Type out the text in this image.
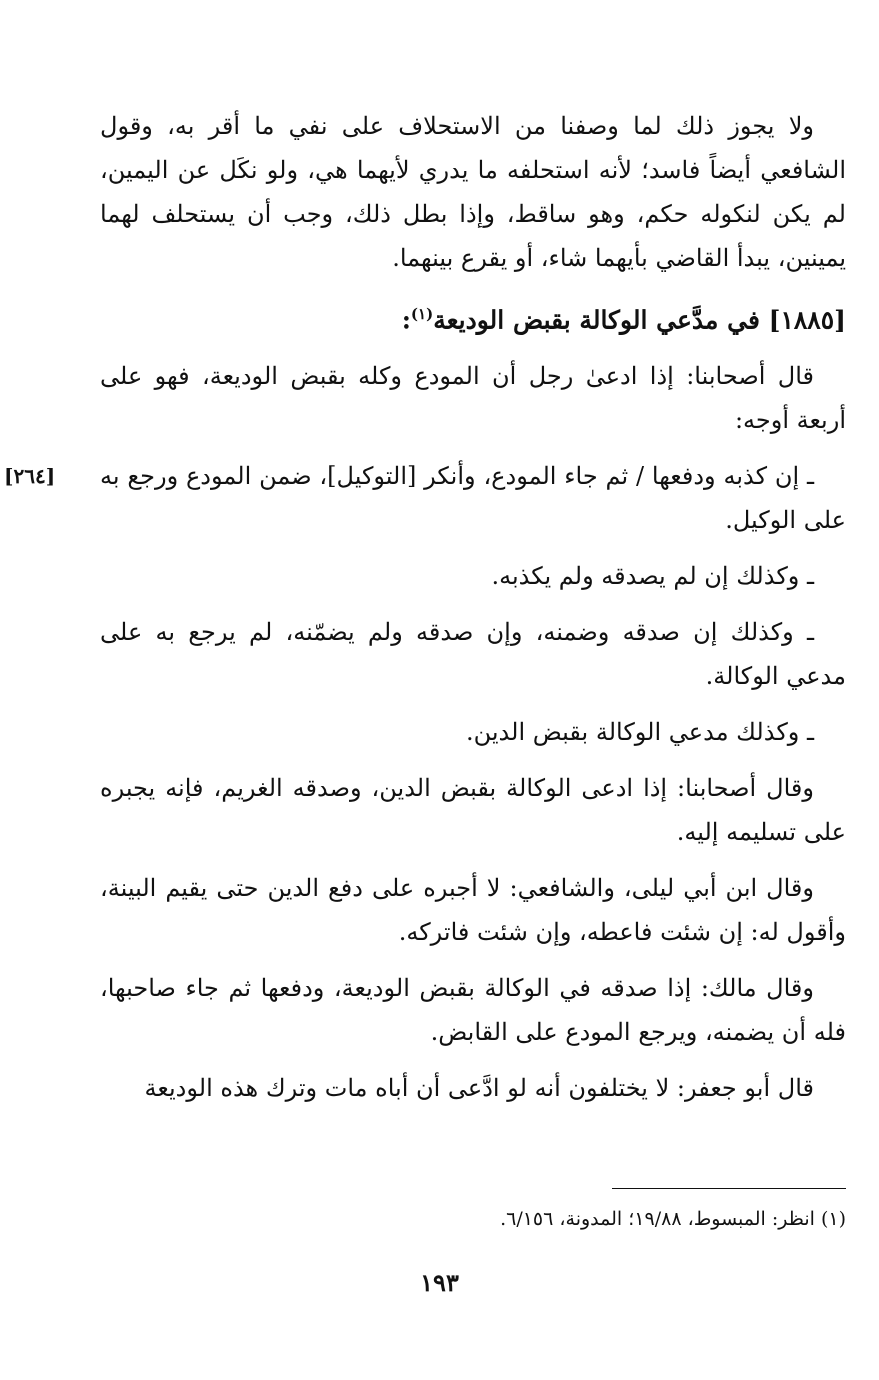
ولا يجوز ذلك لما وصفنا من الاستحلاف على نفي ما أقر به، وقول الشافعي أيضاً فاسد؛ لأنه استحلفه ما يدري لأيهما هي، ولو نكَل عن اليمين، لم يكن لنكوله حكم، وهو ساقط، وإذا بطل ذلك، وجب أن يستحلف لهما يمينين، يبدأ القاضي بأيهما شاء، أو يقرع بينهما.

[١٨٨٥] في مدَّعي الوكالة بقبض الوديعة$^{(١)}$:

قال أصحابنا: إذا ادعىٰ رجل أن المودع وكله بقبض الوديعة، فهو على أربعة أوجه:

ـ إن كذبه ودفعها / ثم جاء المودع، وأنكر [التوكيل]، ضمن المودع ورجع به على الوكيل.
[٢٦٤]

ـ وكذلك إن لم يصدقه ولم يكذبه.

ـ وكذلك إن صدقه وضمنه، وإن صدقه ولم يضمّنه، لم يرجع به على مدعي الوكالة.

ـ وكذلك مدعي الوكالة بقبض الدين.

وقال أصحابنا: إذا ادعى الوكالة بقبض الدين، وصدقه الغريم، فإنه يجبره على تسليمه إليه.

وقال ابن أبي ليلى، والشافعي: لا أجبره على دفع الدين حتى يقيم البينة، وأقول له: إن شئت فاعطه، وإن شئت فاتركه.

وقال مالك: إذا صدقه في الوكالة بقبض الوديعة، ودفعها ثم جاء صاحبها، فله أن يضمنه، ويرجع المودع على القابض.

قال أبو جعفر: لا يختلفون أنه لو ادَّعى أن أباه مات وترك هذه الوديعة

(١) انظر: المبسوط، ١٩/٨٨؛ المدونة، ٦/١٥٦.
١٩٣
